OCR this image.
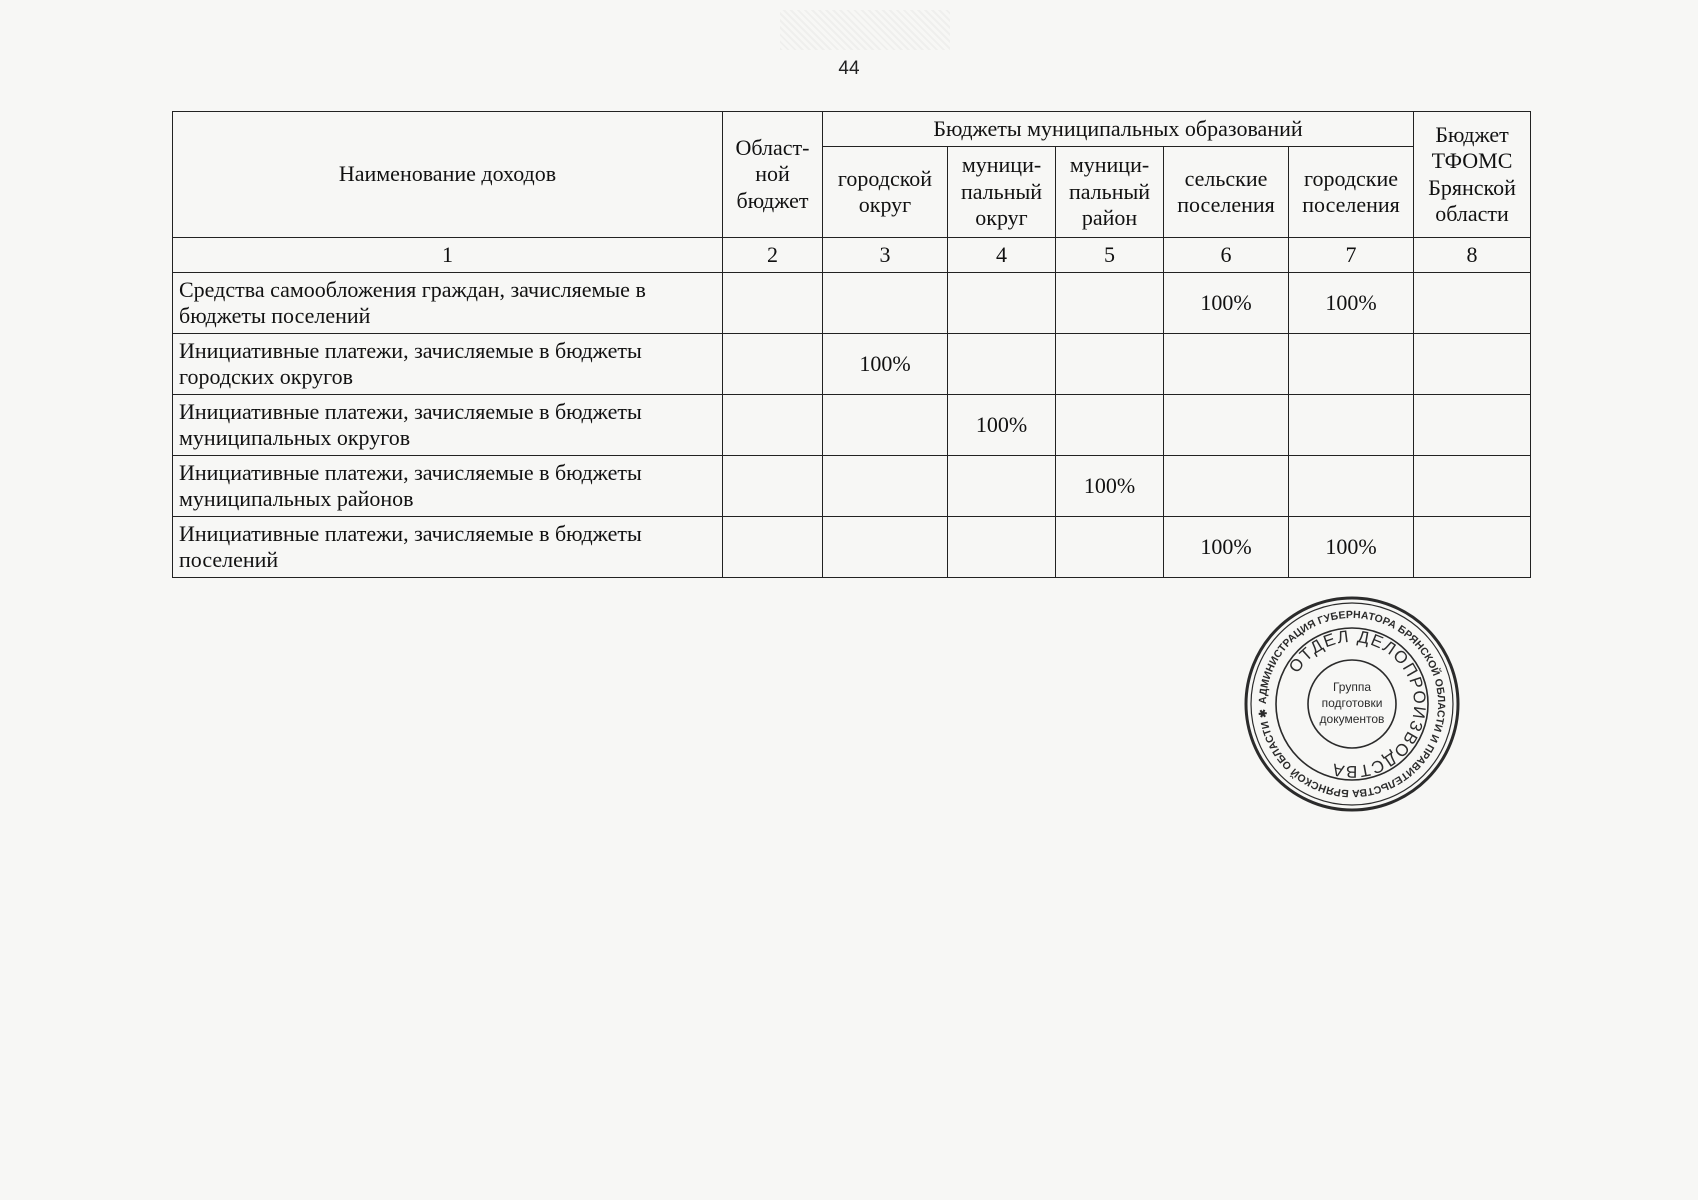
44
Наименование доходов	Област-
ной
бюджет	Бюджеты муниципальных образований					Бюджет
ТФОМС
Брянской
области
		городской
округ	муници-
пальный
округ	муници-
пальный
район	сельские
поселения	городские
поселения	
1	2	3	4	5	6	7	8
Средства самообложения граждан, зачисляемые в бюджеты поселений					100%	100%	
Инициативные платежи, зачисляемые в бюджеты городских округов		100%					
Инициативные платежи, зачисляемые в бюджеты муниципальных округов			100%				
Инициативные платежи, зачисляемые в бюджеты муниципальных районов				100%			
Инициативные платежи, зачисляемые в бюджеты поселений					100%	100%	
АДМИНИСТРАЦИЯ ГУБЕРНАТОРА БРЯНСКОЙ ОБЛАСТИ И ПРАВИТЕЛЬСТВА БРЯНСКОЙ ОБЛАСТИ ✱
ОТДЕЛ ДЕЛОПРОИЗВОДСТВА
Группа
подготовки
документов
